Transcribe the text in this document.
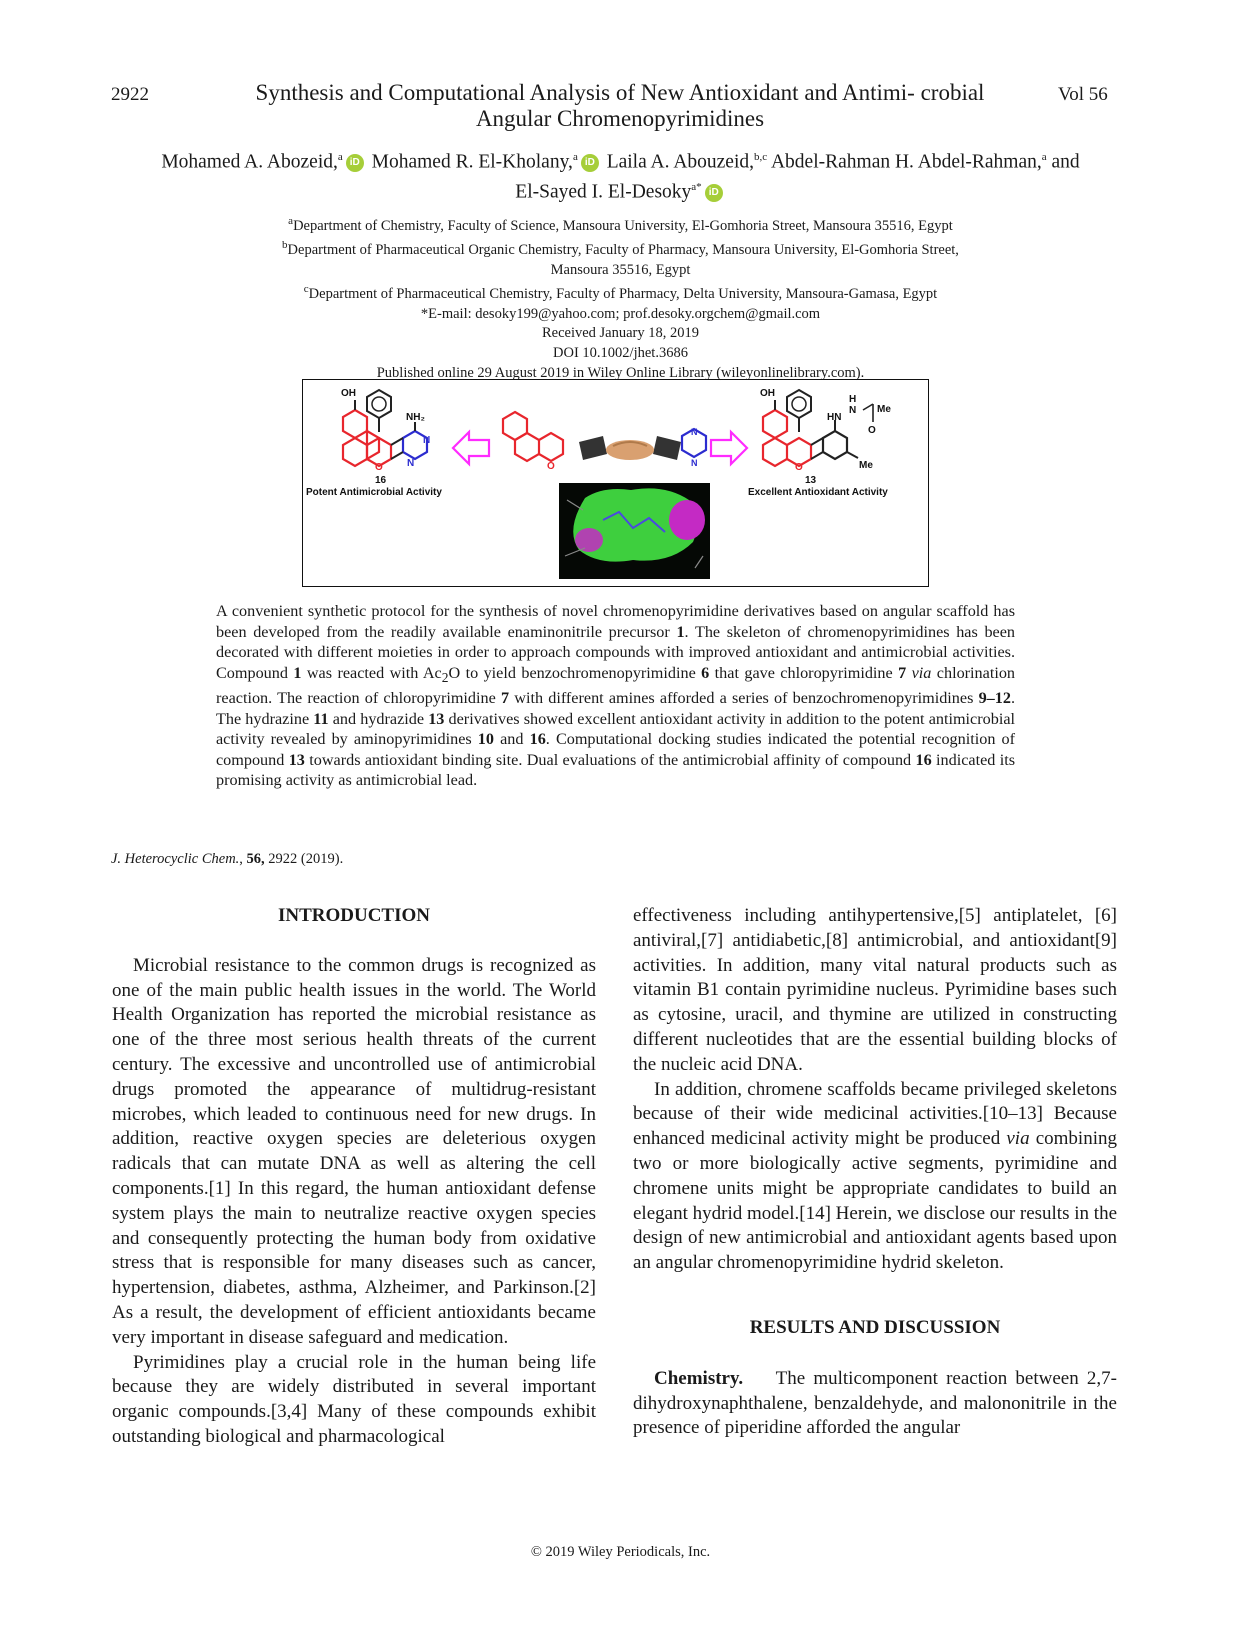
2922	Synthesis and Computational Analysis of New Antioxidant and Antimi- crobial Angular Chromenopyrimidines
Vol 56
Mohamed A. Abozeid,$^a$ iD Mohamed R. El-Kholany,$^a$ iD Laila A. Abouzeid,$^{b,c}$ Abdel-Rahman H. Abdel-Rahman,$^a$ and
El-Sayed I. El-Desoky$^{a*}$ iD
$^a$Department of Chemistry, Faculty of Science, Mansoura University, El-Gomhoria Street, Mansoura 35516, Egypt
$^b$Department of Pharmaceutical Organic Chemistry, Faculty of Pharmacy, Mansoura University, El-Gomhoria Street,
Mansoura 35516, Egypt
$^c$Department of Pharmaceutical Chemistry, Faculty of Pharmacy, Delta University, Mansoura-Gamasa, Egypt
*E-mail: desoky199@yahoo.com; prof.desoky.orgchem@gmail.com
Received January 18, 2019
DOI 10.1002/jhet.3686
Published online 29 August 2019 in Wiley Online Library (wileyonlinelibrary.com).
OH
NH₂
N
N
O
16
Potent Antimicrobial Activity
O
N
N
OH
HN
H
N Me
O
O	Me
13
Excellent Antioxidant Activity
A convenient synthetic protocol for the synthesis of novel chromenopyrimidine derivatives based on angular scaffold has been developed from the readily available enaminonitrile precursor 1. The skeleton of chromenopyrimidines has been decorated with different moieties in order to approach compounds with improved antioxidant and antimicrobial activities. Compound 1 was reacted with $Ac_2O$ to yield benzochromenopyrimidine 6 that gave chloropyrimidine 7 via chlorination reaction. The reaction of chloropyrimidine 7 with different amines afforded a series of benzochromenopyrimidines 9–12. The hydrazine 11 and hydrazide 13 derivatives showed excellent antioxidant activity in addition to the potent antimicrobial activity revealed by aminopyrimidines 10 and 16. Computational docking studies indicated the potential recognition of compound 13 towards antioxidant binding site. Dual evaluations of the antimicrobial affinity of compound 16 indicated its promising activity as antimicrobial lead.
J. Heterocyclic Chem., 56, 2922 (2019).
INTRODUCTION

Microbial resistance to the common drugs is recognized as one of the main public health issues in the world. The World Health Organization has reported the microbial resistance as one of the three most serious health threats of the current century. The excessive and uncontrolled use of antimicrobial drugs promoted the appearance of multidrug-resistant microbes, which leaded to continuous need for new drugs. In addition, reactive oxygen species are deleterious oxygen radicals that can mutate DNA as well as altering the cell components.[1] In this regard, the human antioxidant defense system plays the main to neutralize reactive oxygen species and consequently protecting the human body from oxidative stress that is responsible for many diseases such as cancer, hypertension, diabetes, asthma, Alzheimer, and Parkinson.[2] As a result, the development of efficient antioxidants became very important in disease safeguard and medication.

Pyrimidines play a crucial role in the human being life because they are widely distributed in several important organic compounds.[3,4] Many of these compounds exhibit outstanding biological and pharmacological

effectiveness including antihypertensive,[5] antiplatelet, [6] antiviral,[7] antidiabetic,[8] antimicrobial, and antioxidant[9] activities. In addition, many vital natural products such as vitamin B1 contain pyrimidine nucleus. Pyrimidine bases such as cytosine, uracil, and thymine are utilized in constructing different nucleotides that are the essential building blocks of the nucleic acid DNA.

In addition, chromene scaffolds became privileged skeletons because of their wide medicinal activities.[10–13] Because enhanced medicinal activity might be produced via combining two or more biologically active segments, pyrimidine and chromene units might be appropriate candidates to build an elegant hydrid model.[14] Herein, we disclose our results in the design of new antimicrobial and antioxidant agents based upon an angular chromenopyrimidine hydrid skeleton.

RESULTS AND DISCUSSION

Chemistry. The multicomponent reaction between 2,7-dihydroxynaphthalene, benzaldehyde, and malononitrile in the presence of piperidine afforded the angular

© 2019 Wiley Periodicals, Inc.
